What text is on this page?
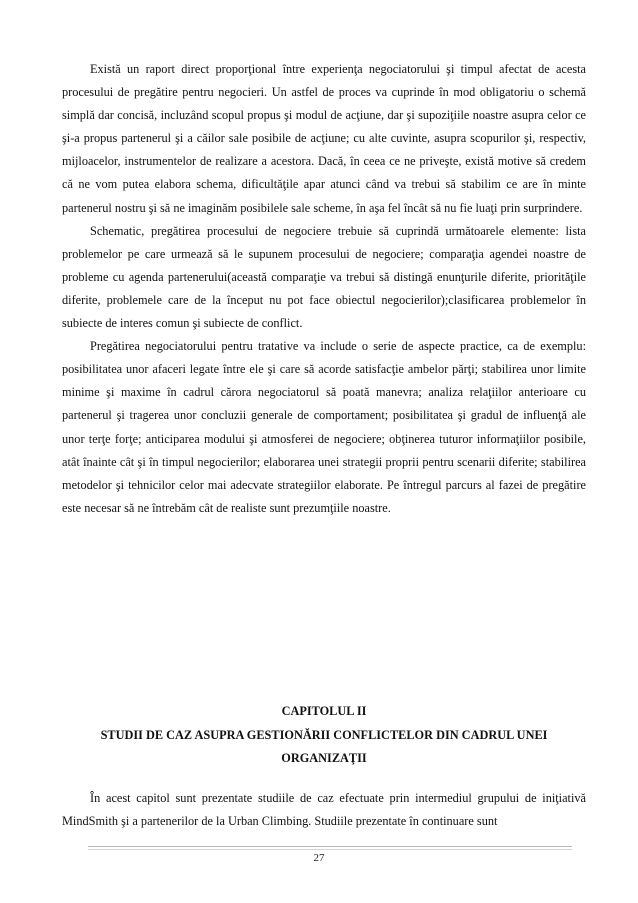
Există un raport direct proporţional între experienţa negociatorului şi timpul afectat de acesta procesului de pregătire pentru negocieri. Un astfel de proces va cuprinde în mod obligatoriu o schemă simplă dar concisă, incluzând scopul propus şi modul de acţiune, dar şi supoziţiile noastre asupra celor ce şi-a propus partenerul şi a căilor sale posibile de acţiune; cu alte cuvinte, asupra scopurilor şi, respectiv, mijloacelor, instrumentelor de realizare a acestora. Dacă, în ceea ce ne priveşte, există motive să credem că ne vom putea elabora schema, dificultăţile apar atunci când va trebui să stabilim ce are în minte partenerul nostru şi să ne imaginăm posibilele sale scheme, în aşa fel încât să nu fie luaţi prin surprindere.

Schematic, pregătirea procesului de negociere trebuie să cuprindă următoarele elemente: lista problemelor pe care urmează să le supunem procesului de negociere; comparaţia agendei noastre de probleme cu agenda partenerului(această comparaţie va trebui să distingă enunţurile diferite, priorităţile diferite, problemele care de la început nu pot face obiectul negocierilor);clasificarea problemelor în subiecte de interes comun şi subiecte de conflict.

Pregătirea negociatorului pentru tratative va include o serie de aspecte practice, ca de exemplu: posibilitatea unor afaceri legate între ele şi care să acorde satisfacţie ambelor părţi; stabilirea unor limite minime şi maxime în cadrul cărora negociatorul să poată manevra; analiza relaţiilor anterioare cu partenerul şi tragerea unor concluzii generale de comportament; posibilitatea şi gradul de influenţă ale unor terţe forţe; anticiparea modului şi atmosferei de negociere; obţinerea tuturor informaţiilor posibile, atât înainte cât şi în timpul negocierilor; elaborarea unei strategii proprii pentru scenarii diferite; stabilirea metodelor şi tehnicilor celor mai adecvate strategiilor elaborate. Pe întregul parcurs al fazei de pregătire este necesar să ne întrebăm cât de realiste sunt prezumţiile noastre.

CAPITOLUL II
STUDII DE CAZ ASUPRA GESTIONĂRII CONFLICTELOR DIN CADRUL UNEI ORGANIZAŢII

În acest capitol sunt prezentate studiile de caz efectuate prin intermediul grupului de iniţiativă MindSmith şi a partenerilor de la Urban Climbing. Studiile prezentate în continuare sunt

27
